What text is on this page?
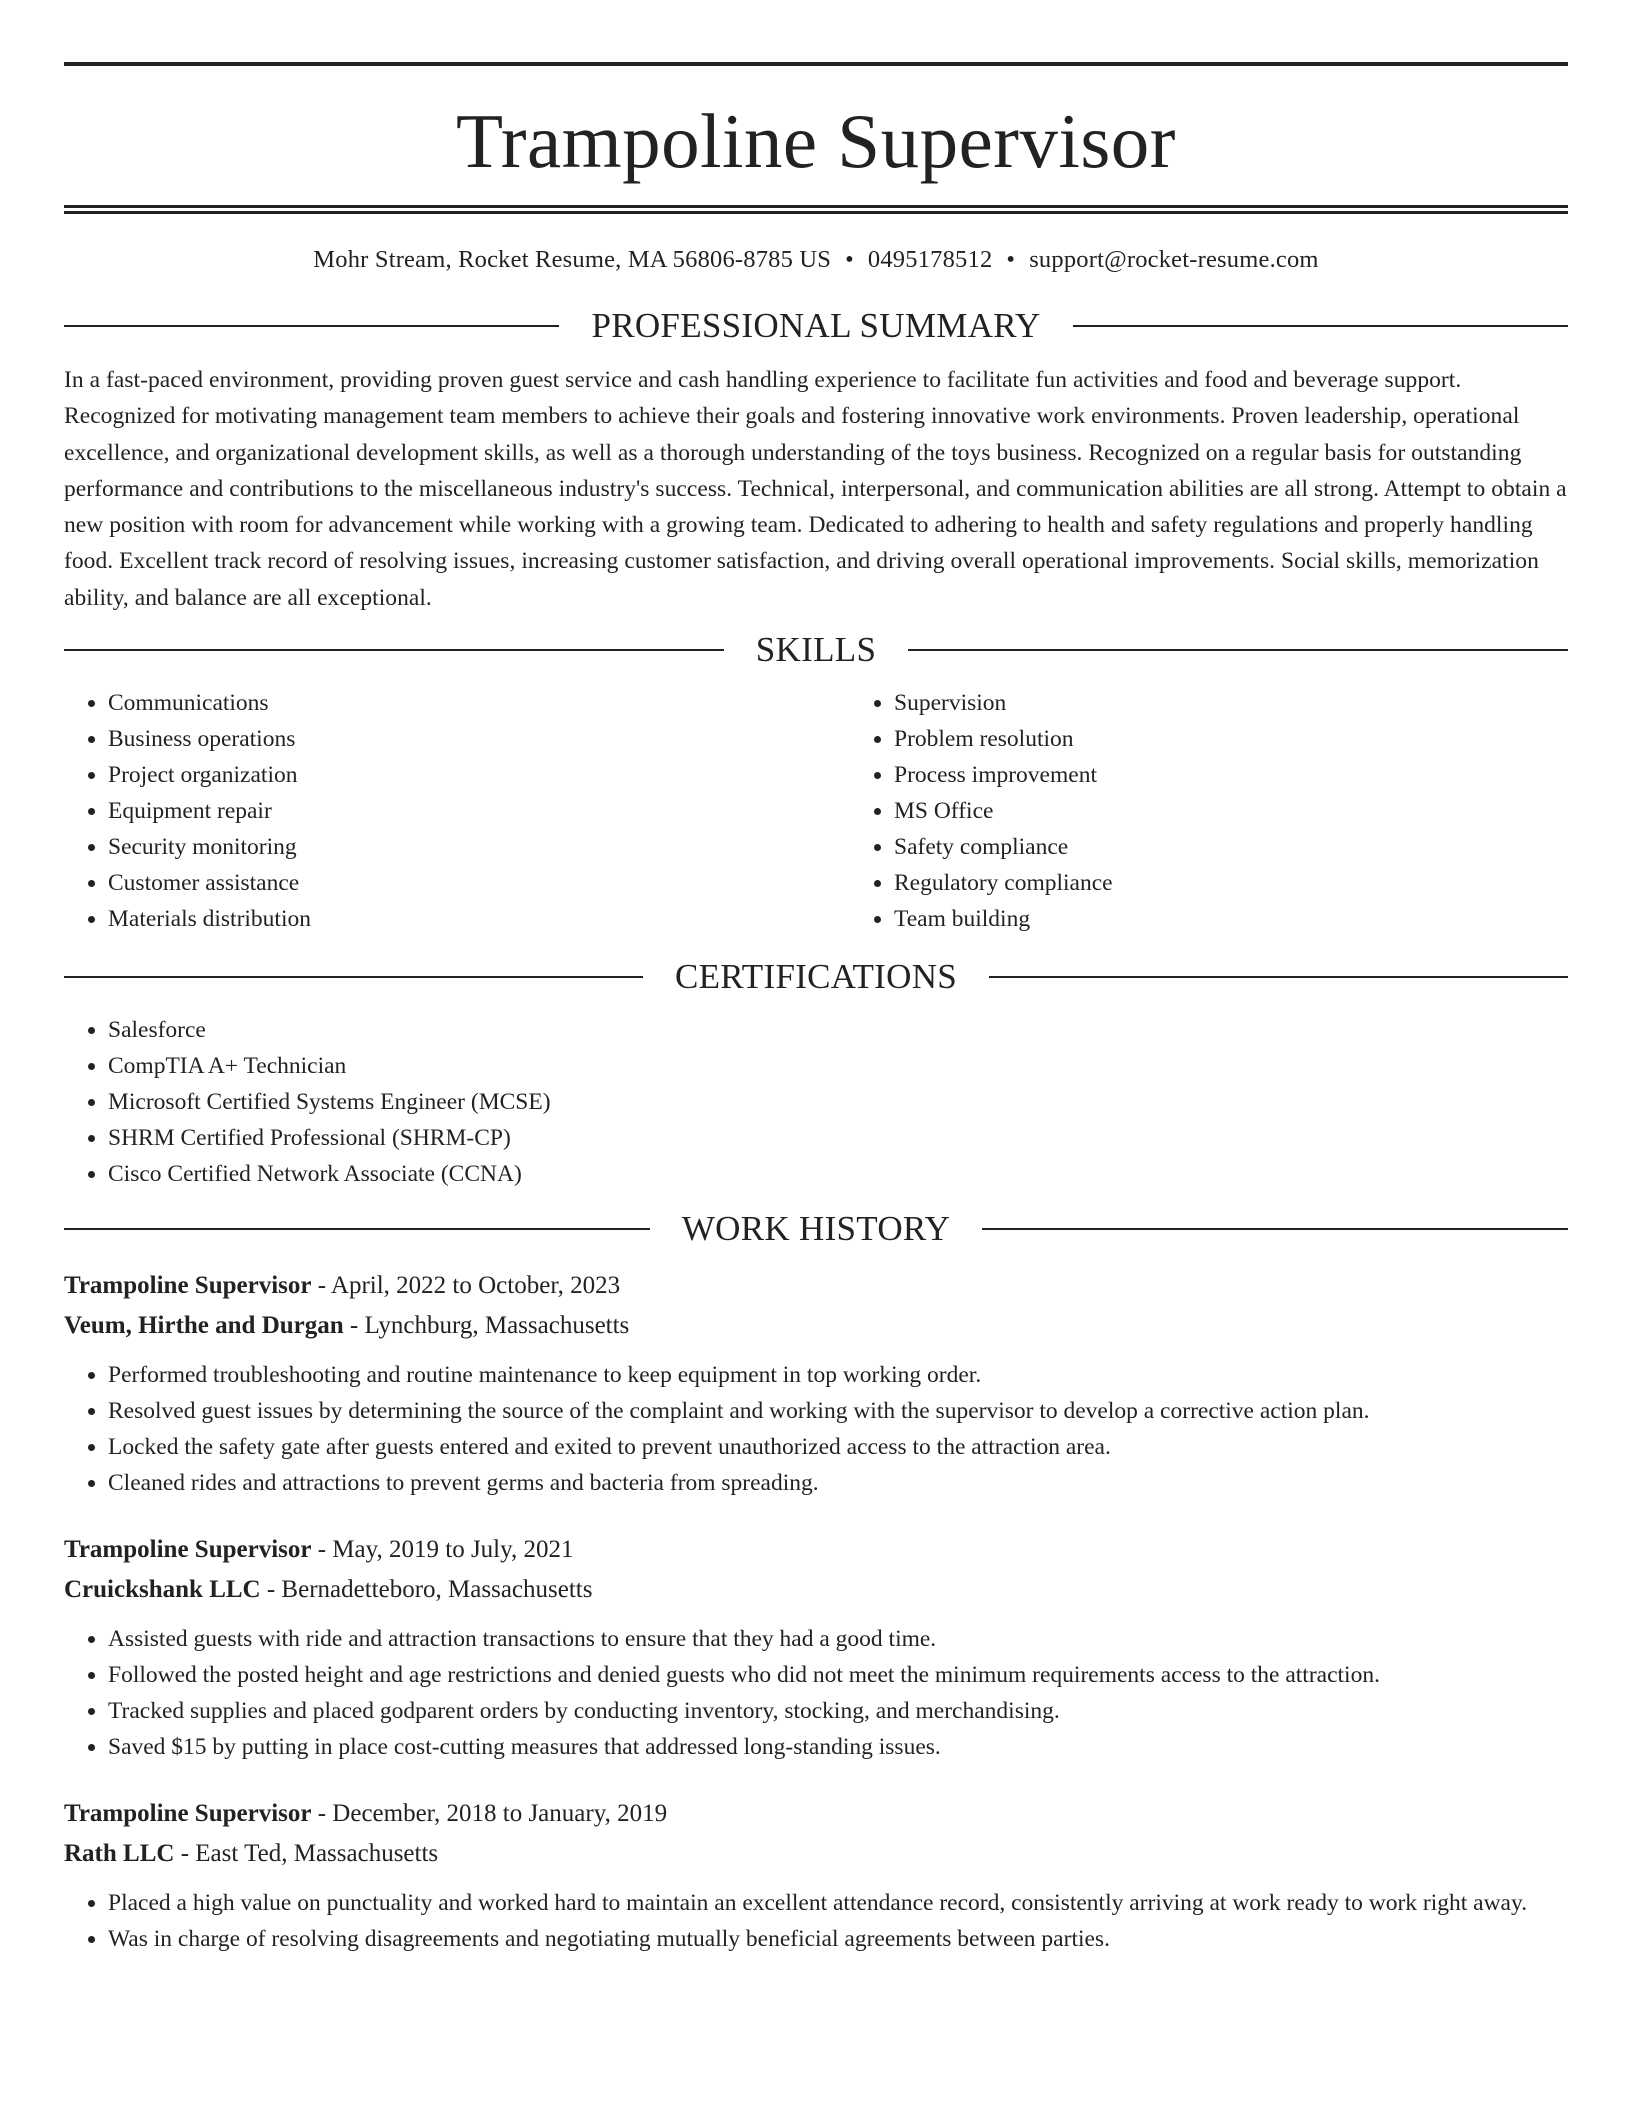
Trampoline Supervisor
Mohr Stream, Rocket Resume, MA 56806-8785 US • 0495178512 • support@rocket-resume.com
PROFESSIONAL SUMMARY

In a fast-paced environment, providing proven guest service and cash handling experience to facilitate fun activities and food and beverage support. Recognized for motivating management team members to achieve their goals and fostering innovative work environments. Proven leadership, operational excellence, and organizational development skills, as well as a thorough understanding of the toys business. Recognized on a regular basis for outstanding performance and contributions to the miscellaneous industry's success. Technical, interpersonal, and communication abilities are all strong. Attempt to obtain a new position with room for advancement while working with a growing team. Dedicated to adhering to health and safety regulations and properly handling food. Excellent track record of resolving issues, increasing customer satisfaction, and driving overall operational improvements. Social skills, memorization ability, and balance are all exceptional.

SKILLS
• Communications
• Business operations
• Project organization
• Equipment repair
• Security monitoring
• Customer assistance
• Materials distribution
• Supervision
• Problem resolution
• Process improvement
• MS Office
• Safety compliance
• Regulatory compliance
• Team building
CERTIFICATIONS
• Salesforce
• CompTIA A+ Technician
• Microsoft Certified Systems Engineer (MCSE)
• SHRM Certified Professional (SHRM-CP)
• Cisco Certified Network Associate (CCNA)
WORK HISTORY
Trampoline Supervisor - April, 2022 to October, 2023
Veum, Hirthe and Durgan - Lynchburg, Massachusetts
• Performed troubleshooting and routine maintenance to keep equipment in top working order.
• Resolved guest issues by determining the source of the complaint and working with the supervisor to develop a corrective action plan.
• Locked the safety gate after guests entered and exited to prevent unauthorized access to the attraction area.
• Cleaned rides and attractions to prevent germs and bacteria from spreading.
Trampoline Supervisor - May, 2019 to July, 2021
Cruickshank LLC - Bernadetteboro, Massachusetts
• Assisted guests with ride and attraction transactions to ensure that they had a good time.
• Followed the posted height and age restrictions and denied guests who did not meet the minimum requirements access to the attraction.
• Tracked supplies and placed godparent orders by conducting inventory, stocking, and merchandising.
• Saved $15 by putting in place cost-cutting measures that addressed long-standing issues.
Trampoline Supervisor - December, 2018 to January, 2019
Rath LLC - East Ted, Massachusetts
• Placed a high value on punctuality and worked hard to maintain an excellent attendance record, consistently arriving at work ready to work right away.
• Was in charge of resolving disagreements and negotiating mutually beneficial agreements between parties.
